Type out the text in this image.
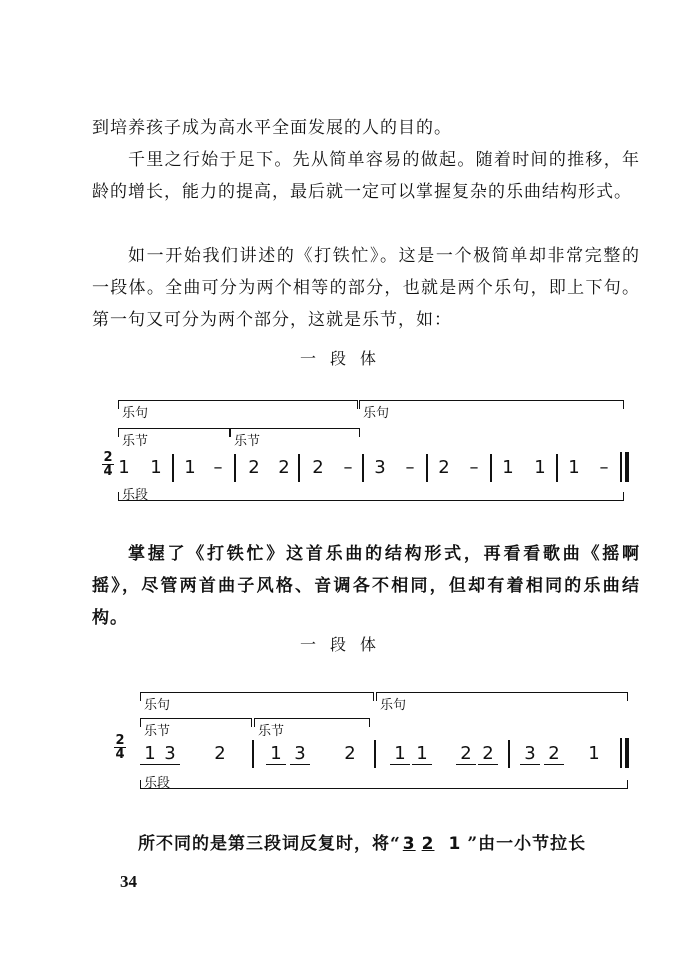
到培养孩子成为高水平全面发展的人的目的。

千里之行始于足下。先从简单容易的做起。随着时间的推移，年龄的增长，能力的提高，最后就一定可以掌握复杂的乐曲结构形式。

如一开始我们讲述的《打铁忙》。这是一个极简单却非常完整的一段体。全曲可分为两个相等的部分，也就是两个乐句，即上下句。第一句又可分为两个部分，这就是乐节，如：

一段体
乐句	乐句
乐节	乐节
2
4 1 1 1 –	2 2 2	–	3	–	2	–	1 1 1	–
乐段

掌握了《打铁忙》这首乐曲的结构形式，再看看歌曲《摇啊摇》，尽管两首曲子风格、音调各不相同，但却有着相同的乐曲结构。

一段体
乐句	乐句
乐节	乐节
2
4 1 3 2 1 3 2 1 1 2 2 3 2 1
乐段

所不同的是第三段词反复时，将“ 3 2 1 ”由一小节拉长

34
